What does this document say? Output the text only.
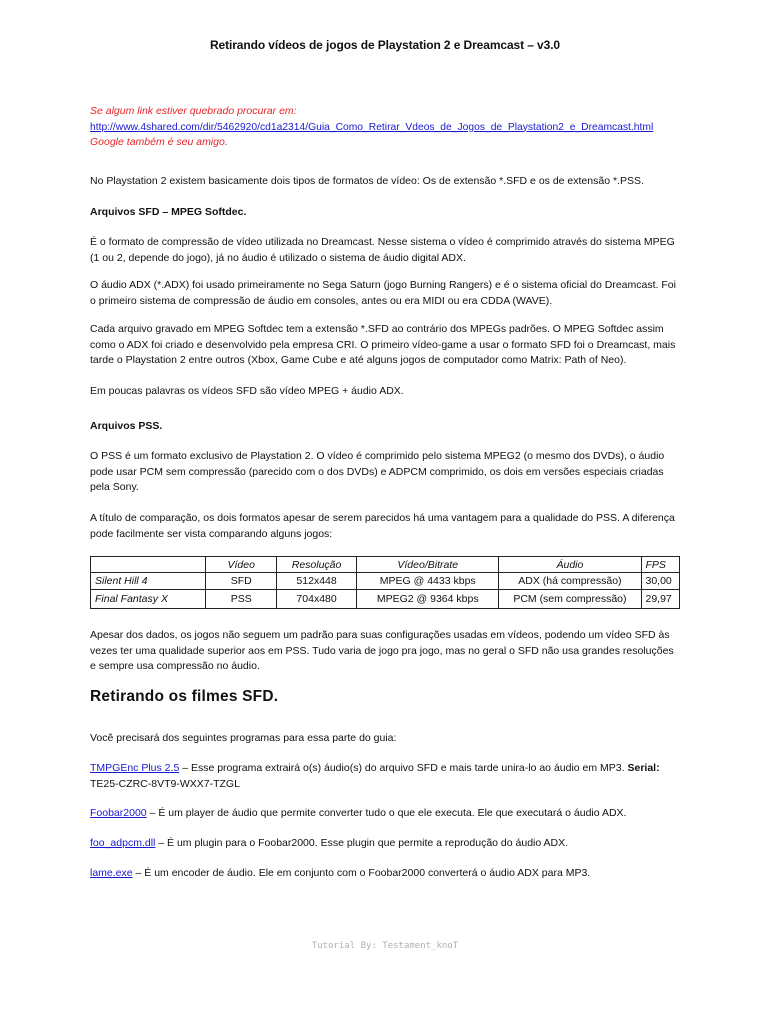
Retirando vídeos de jogos de Playstation 2 e Dreamcast – v3.0
Se algum link estiver quebrado procurar em:
http://www.4shared.com/dir/5462920/cd1a2314/Guia_Como_Retirar_Vdeos_de_Jogos_de_Playstation2_e_Dreamcast.html
Google também é seu amigo.
No Playstation 2 existem basicamente dois tipos de formatos de vídeo: Os de extensão *.SFD e os de extensão *.PSS.
Arquivos SFD – MPEG Softdec.
É o formato de compressão de vídeo utilizada no Dreamcast. Nesse sistema o vídeo é comprimido através do sistema MPEG (1 ou 2, depende do jogo), já no áudio é utilizado o sistema de áudio digital ADX.
O áudio ADX (*.ADX) foi usado primeiramente no Sega Saturn (jogo Burning Rangers) e é o sistema oficial do Dreamcast. Foi o primeiro sistema de compressão de áudio em consoles, antes ou era MIDI ou era CDDA (WAVE).
Cada arquivo gravado em MPEG Softdec tem a extensão *.SFD ao contrário dos MPEGs padrões. O MPEG Softdec assim como o ADX foi criado e desenvolvido pela empresa CRI. O primeiro vídeo-game a usar o formato SFD foi o Dreamcast, mais tarde o Playstation 2 entre outros (Xbox, Game Cube e até alguns jogos de computador como Matrix: Path of Neo).
Em poucas palavras os vídeos SFD são vídeo MPEG + áudio ADX.
Arquivos PSS.
O PSS é um formato exclusivo de Playstation 2. O vídeo é comprimido pelo sistema MPEG2 (o mesmo dos DVDs), o áudio pode usar PCM sem compressão (parecido com o dos DVDs) e ADPCM comprimido, os dois em versões especiais criadas pela Sony.
A título de comparação, os dois formatos apesar de serem parecidos há uma vantagem para a qualidade do PSS. A diferença pode facilmente ser vista comparando alguns jogos:
	Vídeo	Resolução	Vídeo/Bitrate	Áudio	FPS
Silent Hill 4	SFD	512x448	MPEG @ 4433 kbps	ADX (há compressão)	30,00
Final Fantasy X	PSS	704x480	MPEG2 @ 9364 kbps	PCM (sem compressão)	29,97
Apesar dos dados, os jogos não seguem um padrão para suas configurações usadas em vídeos, podendo um vídeo SFD às vezes ter uma qualidade superior aos em PSS. Tudo varia de jogo pra jogo, mas no geral o SFD não usa grandes resoluções e sempre usa compressão no áudio.
Retirando os filmes SFD.
Você precisará dos seguintes programas para essa parte do guia:
TMPGEnc Plus 2.5 – Esse programa extrairá o(s) áudio(s) do arquivo SFD e mais tarde unira-lo ao áudio em MP3. Serial:
TE25-CZRC-8VT9-WXX7-TZGL
Foobar2000 – É um player de áudio que permite converter tudo o que ele executa. Ele que executará o áudio ADX.
foo_adpcm.dll – É um plugin para o Foobar2000. Esse plugin que permite a reprodução do áudio ADX.
lame.exe – É um encoder de áudio. Ele em conjunto com o Foobar2000 converterá o áudio ADX para MP3.
Tutorial By: Testament_knoT
